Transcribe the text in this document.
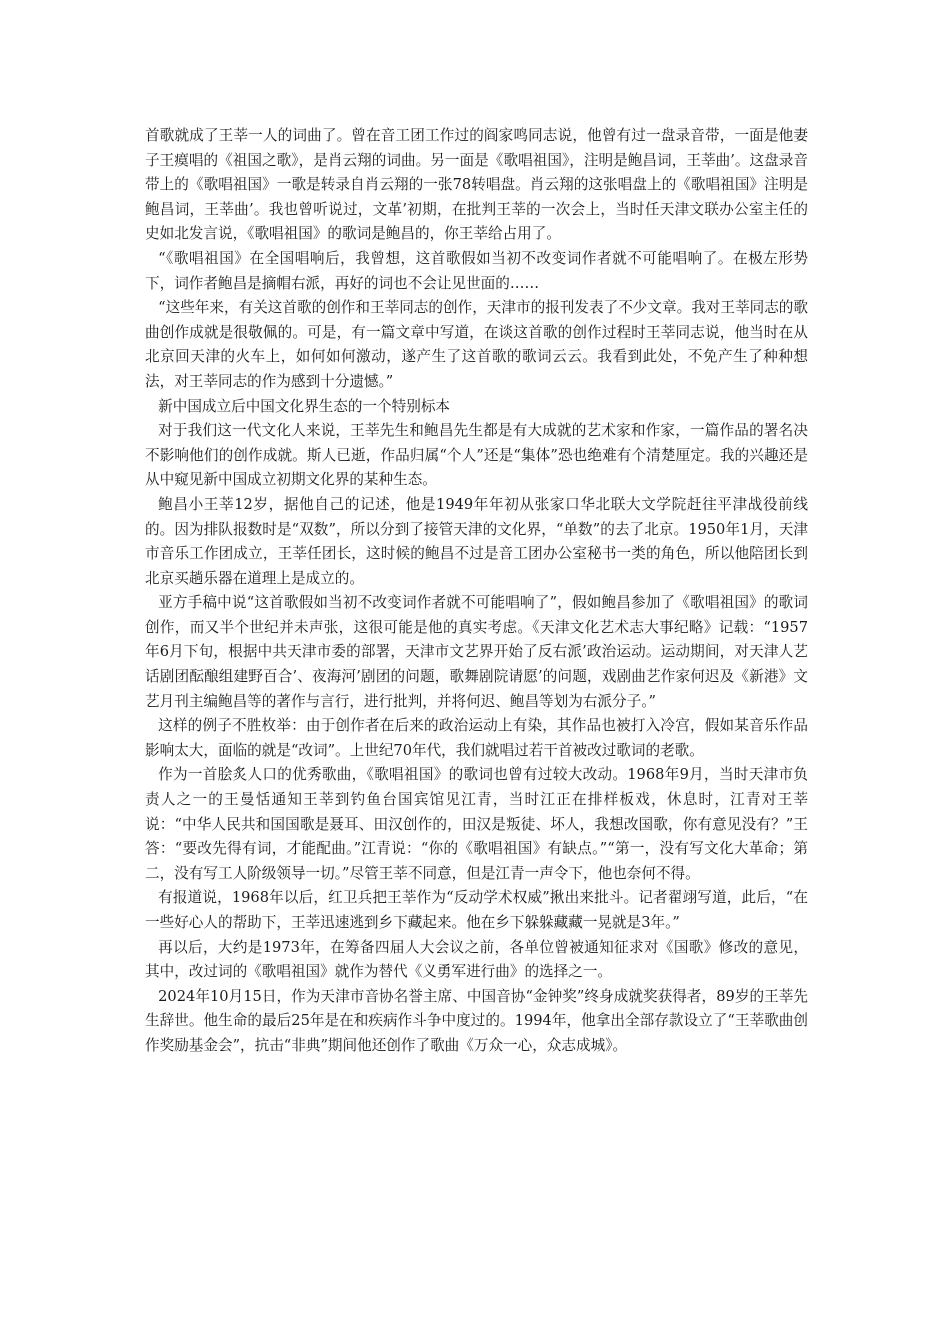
首歌就成了王莘一人的词曲了。曾在音工团工作过的阎家鸣同志说，他曾有过一盘录音带，一面是他妻子王瘼唱的《祖国之歌》，是肖云翔的词曲。另一面是《歌唱祖国》，注明是鲍昌词，王莘曲’。这盘录音带上的《歌唱祖国》一歌是转录自肖云翔的一张78转唱盘。肖云翔的这张唱盘上的《歌唱祖国》注明是鲍昌词，王莘曲’。我也曾听说过，文革’初期，在批判王莘的一次会上，当时任天津文联办公室主任的史如北发言说，《歌唱祖国》的歌词是鲍昌的，你王莘给占用了。

“《歌唱祖国》在全国唱响后，我曾想，这首歌假如当初不改变词作者就不可能唱响了。在极左形势下，词作者鲍昌是摘帽右派，再好的词也不会让见世面的……

“这些年来，有关这首歌的创作和王莘同志的创作，天津市的报刊发表了不少文章。我对王莘同志的歌曲创作成就是很敬佩的。可是，有一篇文章中写道，在谈这首歌的创作过程时王莘同志说，他当时在从北京回天津的火车上，如何如何激动，遂产生了这首歌的歌词云云。我看到此处，不免产生了种种想法，对王莘同志的作为感到十分遗憾。”

新中国成立后中国文化界生态的一个特别标本

对于我们这一代文化人来说，王莘先生和鲍昌先生都是有大成就的艺术家和作家，一篇作品的署名决不影响他们的创作成就。斯人已逝，作品归属“个人”还是“集体”恐也绝难有个清楚厘定。我的兴趣还是从中窥见新中国成立初期文化界的某种生态。

鲍昌小王莘12岁，据他自己的记述，他是1949年年初从张家口华北联大文学院赶往平津战役前线的。因为排队报数时是“双数”，所以分到了接管天津的文化界，“单数”的去了北京。1950年1月，天津市音乐工作团成立，王莘任团长，这时候的鲍昌不过是音工团办公室秘书一类的角色，所以他陪团长到北京买趟乐器在道理上是成立的。

亚方手稿中说“这首歌假如当初不改变词作者就不可能唱响了”，假如鲍昌参加了《歌唱祖国》的歌词创作，而又半个世纪并未声张，这很可能是他的真实考虑。《天津文化艺术志大事纪略》记载：“1957年6月下旬，根据中共天津市委的部署，天津市文艺界开始了反右派’政治运动。运动期间，对天津人艺话剧团酝酿组建野百合’、夜海河’剧团的问题，歌舞剧院请愿’的问题，戏剧曲艺作家何迟及《新港》文艺月刊主编鲍昌等的著作与言行，进行批判，并将何迟、鲍昌等划为右派分子。”

这样的例子不胜枚举：由于创作者在后来的政治运动上有染，其作品也被打入冷宫，假如某音乐作品影响太大，面临的就是“改词”。上世纪70年代，我们就唱过若干首被改过歌词的老歌。

作为一首脍炙人口的优秀歌曲，《歌唱祖国》的歌词也曾有过较大改动。1968年9月，当时天津市负责人之一的王曼恬通知王莘到钓鱼台国宾馆见江青，当时江正在排样板戏，休息时，江青对王莘说：“中华人民共和国国歌是聂耳、田汉创作的，田汉是叛徒、坏人，我想改国歌，你有意见没有？”王答：“要改先得有词，才能配曲。”江青说：“你的《歌唱祖国》有缺点。”“第一，没有写文化大革命；第二，没有写工人阶级领导一切。”尽管王莘不同意，但是江青一声令下，他也奈何不得。

有报道说，1968年以后，红卫兵把王莘作为“反动学术权威”揪出来批斗。记者翟翊写道，此后，“在一些好心人的帮助下，王莘迅速逃到乡下藏起来。他在乡下躲躲藏藏一晃就是3年。”

再以后，大约是1973年，在筹备四届人大会议之前，各单位曾被通知征求对《国歌》修改的意见，其中，改过词的《歌唱祖国》就作为替代《义勇军进行曲》的选择之一。

2024年10月15日，作为天津市音协名誉主席、中国音协“金钟奖”终身成就奖获得者，89岁的王莘先生辞世。他生命的最后25年是在和疾病作斗争中度过的。1994年，他拿出全部存款设立了“王莘歌曲创作奖励基金会”，抗击“非典”期间他还创作了歌曲《万众一心，众志成城》。
